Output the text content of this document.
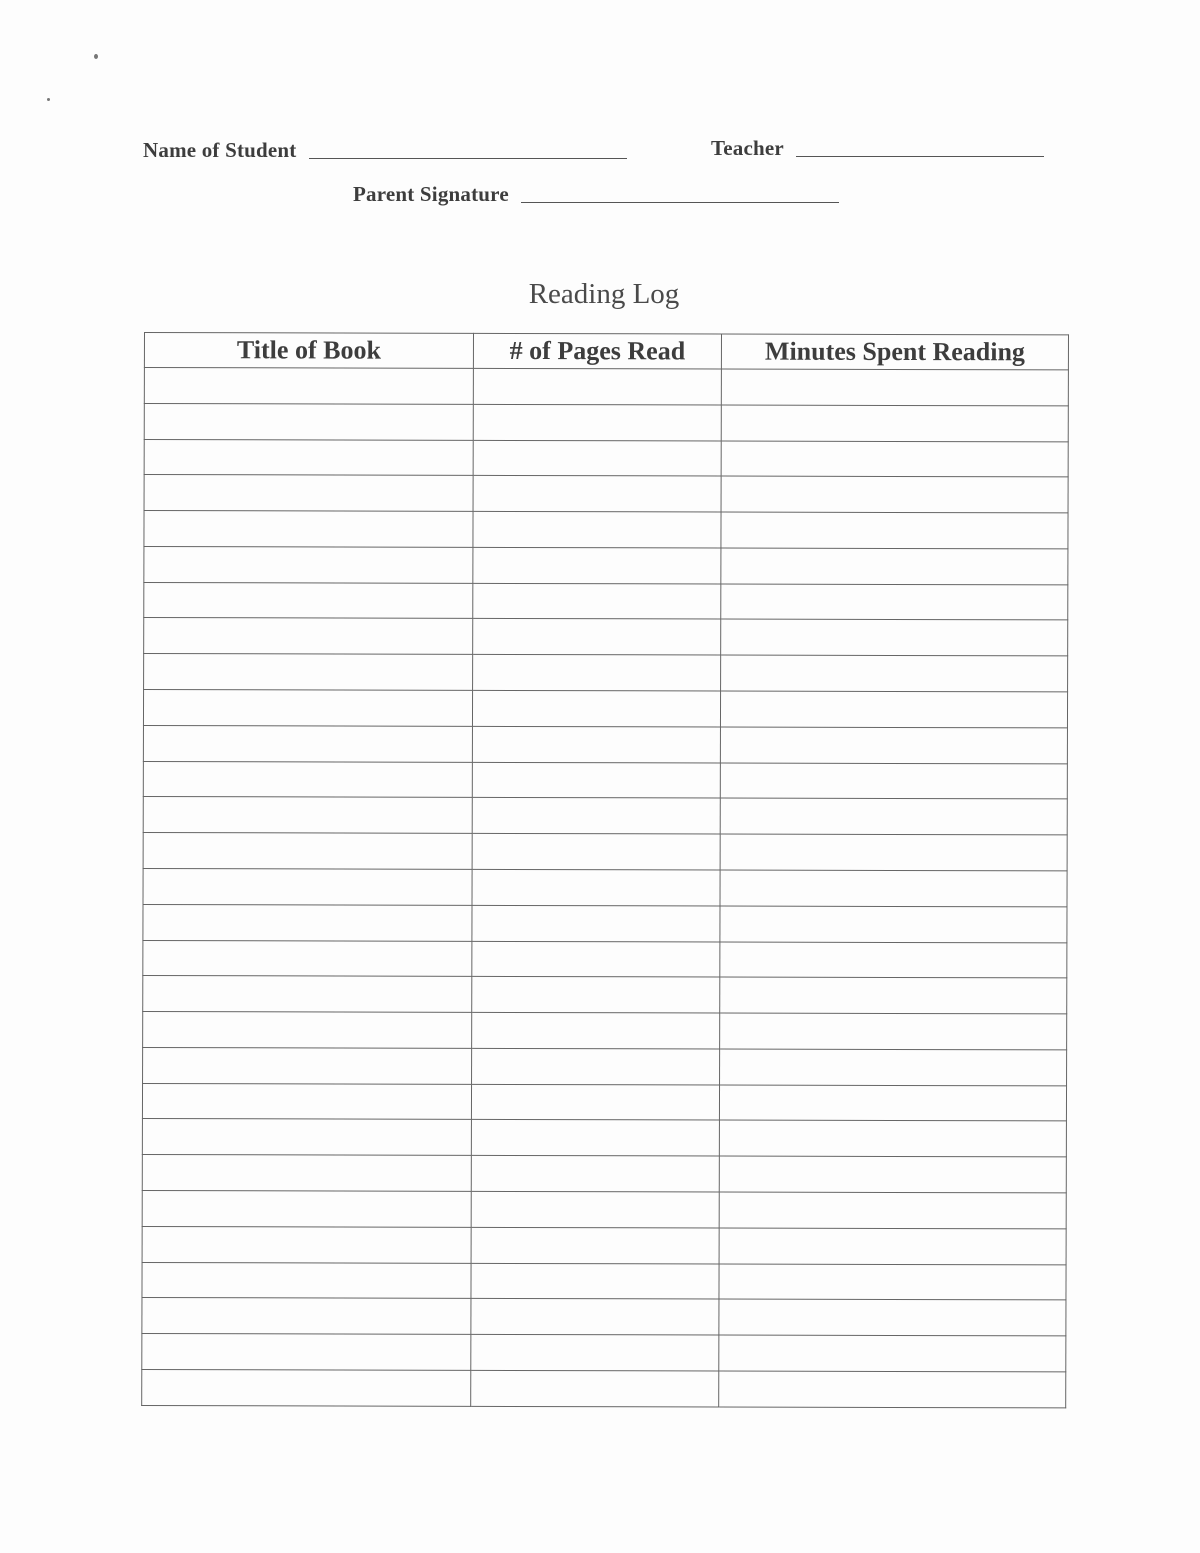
Name of Student	Teacher
Parent Signature
Reading Log
Title of Book	# of Pages Read	Minutes Spent Reading
